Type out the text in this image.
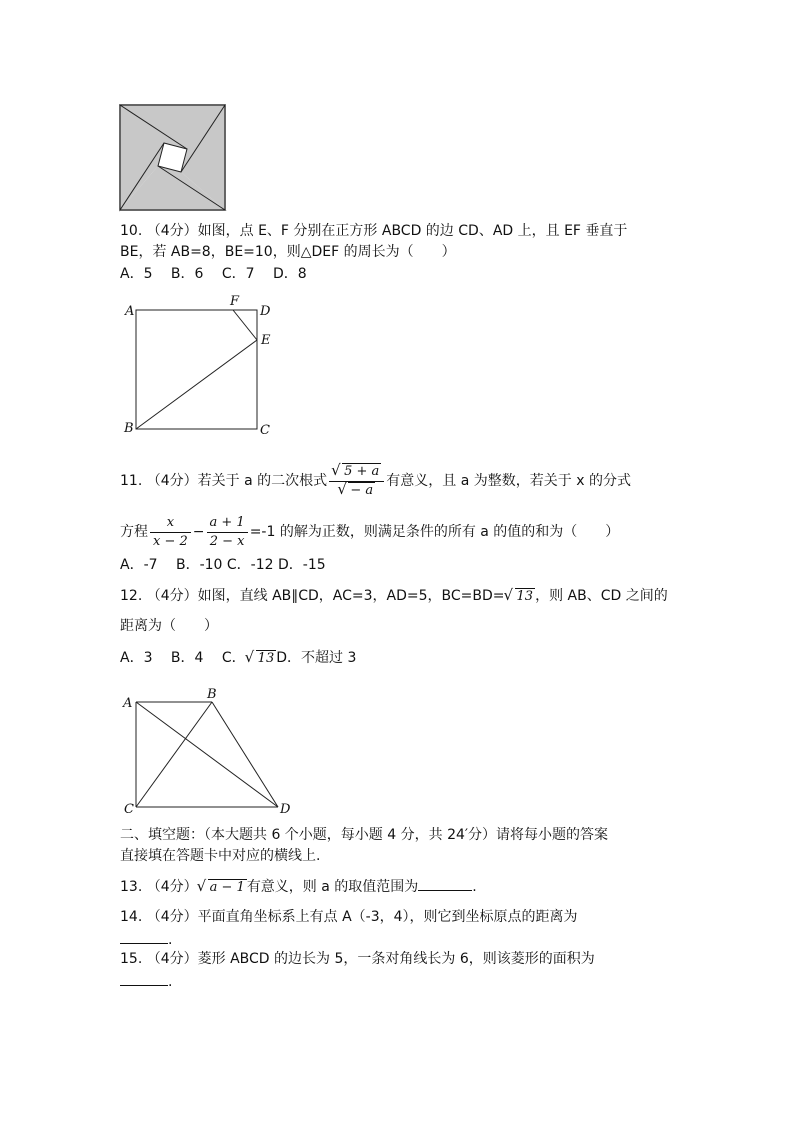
10. （4分）如图，点 E、F 分别在正方形 ABCD 的边 CD、AD 上，且 EF 垂直于
BE，若 AB=8，BE=10，则△DEF 的周长为（　　）
A．5　 B．6　 C．7　 D．8
A
F
D
E
B	C
11. （4分）若关于 a 的二次根式 √ 5 + a
√ − a 有意义，且 a 为整数，若关于 x 的分式
方程 $\frac{x}{x - 2} - \frac{a + 1}{2 - x} =-1$ 的解为正数，则满足条件的所有 a 的值的和为（　　）
A．-7　 B．-10 C．-12 D．-15
12. （4分）如图，直线 AB∥CD，AC=3，AD=5，BC=BD= √ 13 ，则 AB、CD 之间的
距离为（　　）
A．3　 B．4　 C． √ 13 D．不超过 3
A
B
C	D
二、填空题：（本大题共 6 个小题，每小题 4 分，共 24′分）请将每小题的答案
直接填在答题卡中对应的横线上.
13. （4分） √ a − 1 有意义，则 a 的取值范围为	.
14. （4分）平面直角坐标系上有点 A（-3，4），则它到坐标原点的距离为
.
15. （4分）菱形 ABCD 的边长为 5，一条对角线长为 6，则该菱形的面积为
.
